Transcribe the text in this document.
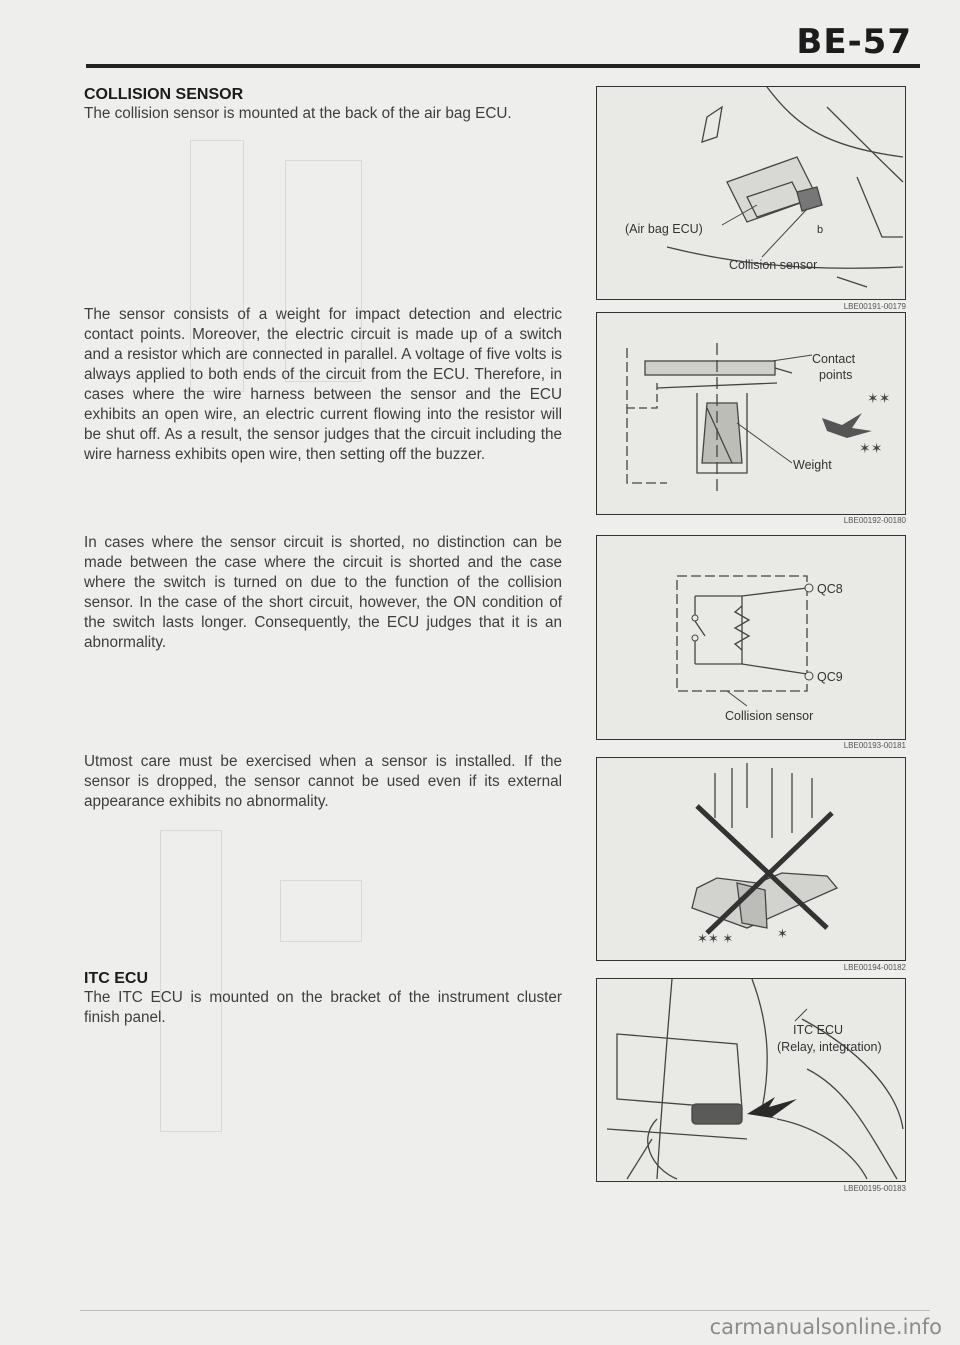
BE-57
COLLISION SENSOR

The collision sensor is mounted at the back of the air bag ECU.

The sensor consists of a weight for impact detection and electric contact points. Moreover, the electric circuit is made up of a switch and a resistor which are connected in parallel. A voltage of five volts is always applied to both ends of the circuit from the ECU. Therefore, in cases where the wire harness between the sensor and the ECU exhibits an open wire, an electric current flowing into the resistor will be shut off. As a result, the sensor judges that the circuit including the wire harness exhibits open wire, then setting off the buzzer.

In cases where the sensor circuit is shorted, no distinction can be made between the case where the circuit is shorted and the case where the switch is turned on due to the function of the collision sensor. In the case of the short circuit, however, the ON condition of the switch lasts longer. Consequently, the ECU judges that it is an abnormality.

Utmost care must be exercised when a sensor is installed. If the sensor is dropped, the sensor cannot be used even if its external appearance exhibits no abnormality.

ITC ECU

The ITC ECU is mounted on the bracket of the instrument cluster finish panel.

(Air bag ECU)
Collision sensor
b
LBE00191-00179
✶✶
✶✶
Contact
points
Weight
LBE00192-00180
QC8
QC9
Collision sensor
LBE00193-00181
✶✶ ✶	✶
LBE00194-00182
ITC ECU
(Relay, integration)
LBE00195-00183
carmanualsonline.info
